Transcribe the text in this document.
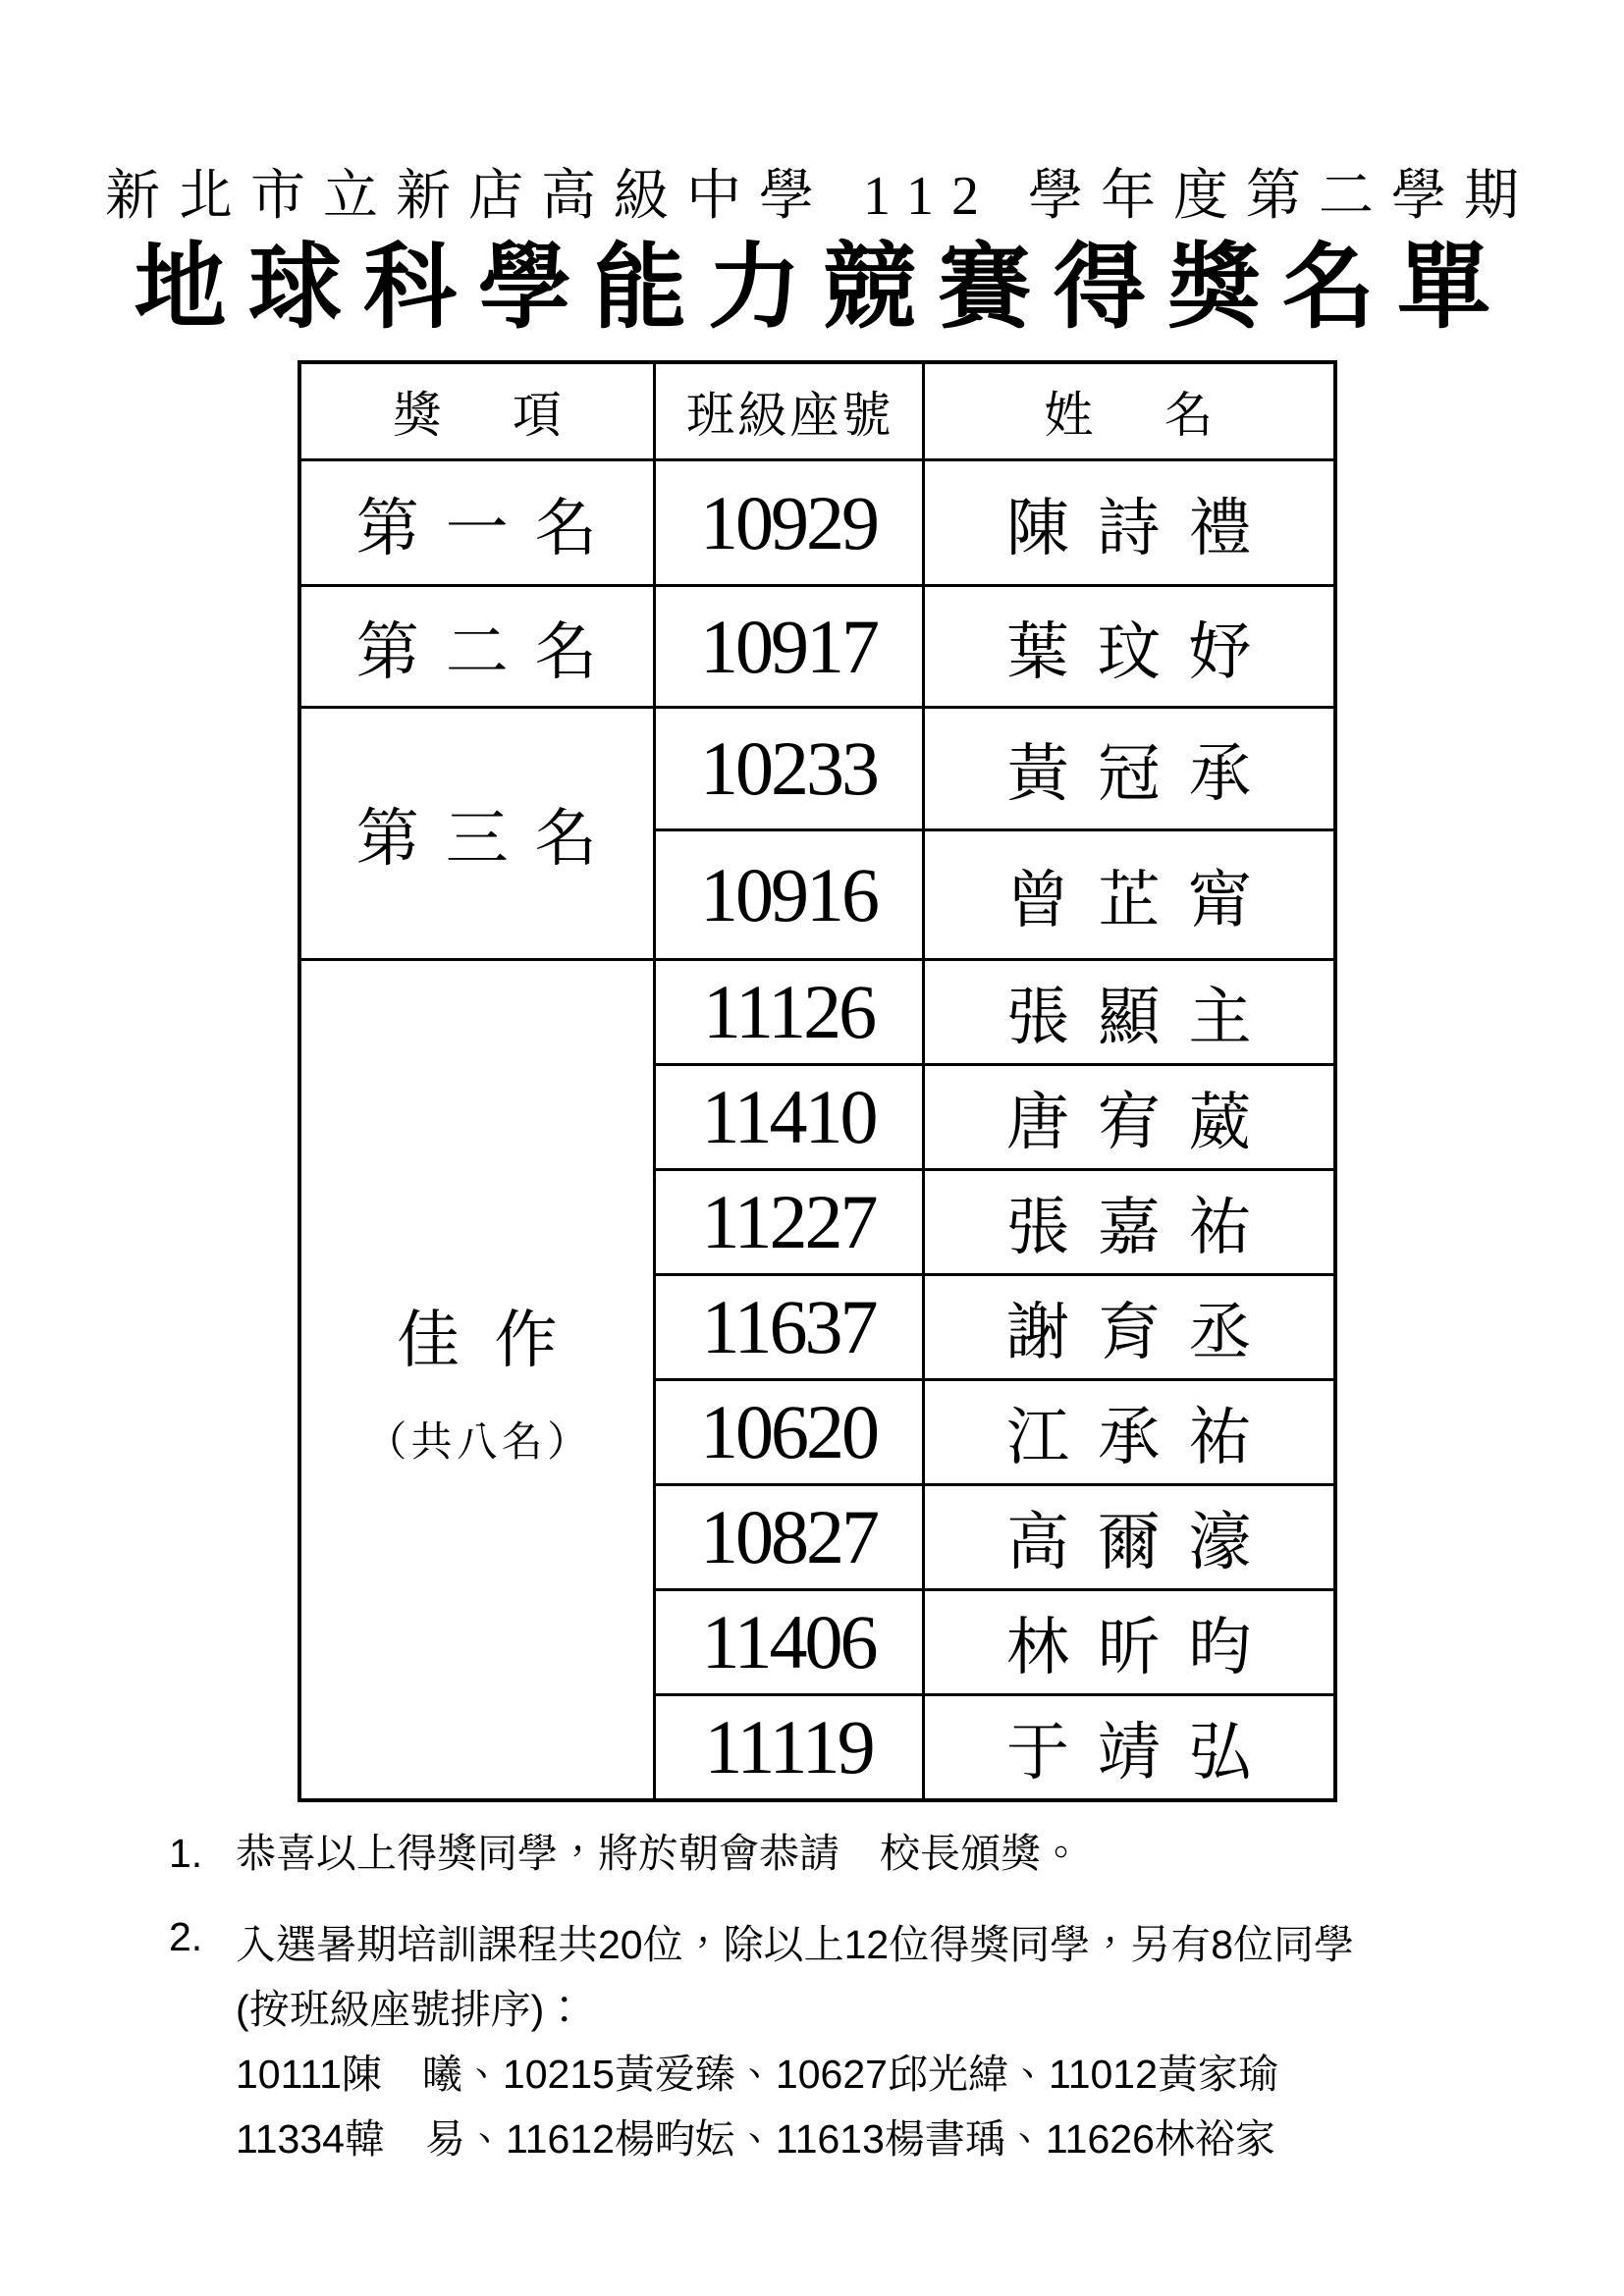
新北市立新店高級中學 112 學年度第二學期
地球科學能力競賽得獎名單
獎　項	班級座號	姓　名
第一名	10929	陳詩禮
第二名	10917	葉玟妤
第三名	10233	黃冠承
	10916	曾芷甯

佳作
（共八名）	11126	張顯主
	11410	唐宥葳
	11227	張嘉祐
	11637	謝育丞
	10620	江承祐
	10827	高爾濠
	11406	林昕昀
	11119	于靖弘
1. 恭喜以上得獎同學，將於朝會恭請　校長頒獎。
2. 入選暑期培訓課程共20位，除以上12位得獎同學，另有8位同學
(按班級座號排序)：
10111陳　曦、10215黃爱臻、10627邱光緯、11012黃家瑜
11334韓　易、11612楊畇妘、11613楊書瑀、11626林裕家
